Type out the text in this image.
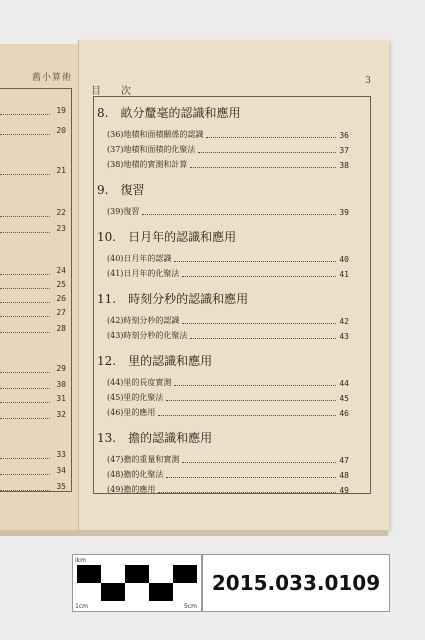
舊小算術
19
20
21
22
23
24
25
26
27
28
29
30
31
32
33
34
35
目 次
3
8.　畝分釐毫的認識和應用
(36)地積和面積關係的認識	36
(37)地積和面積的化聚法	37
(38)地積的實測和計算	38
9.　復習
(39)復習	39
10.　日月年的認識和應用
(40)日月年的認識	40
(41)日月年的化聚法	41
11.　時刻分秒的認識和應用
(42)時刻分秒的認識	42
(43)時刻分秒的化聚法	43
12.　里的認識和應用
(44)里的長度實測	44
(45)里的化聚法	45
(46)里的應用	46
13.　擔的認識和應用
(47)擔的重量和實測	47
(48)擔的化聚法	48
(49)擔的應用	49
ikm
1cm	5cm
2015.033.0109
